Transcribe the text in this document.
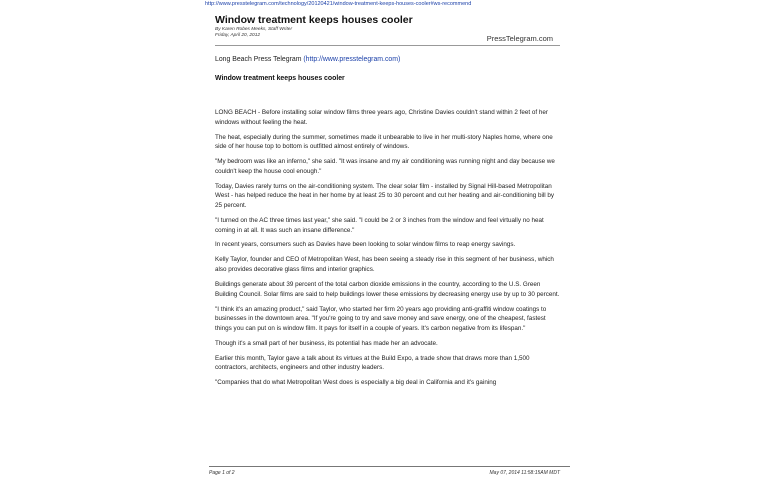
http://www.presstelegram.com/technology/20120421/window-treatment-keeps-houses-cooler#ws-recommend
Window treatment keeps houses cooler
By Karen Robes Meeks, Staff Writer
Friday, April 20, 2012	PressTelegram.com
Long Beach Press Telegram (http://www.presstelegram.com)
Window treatment keeps houses cooler

LONG BEACH - Before installing solar window films three years ago, Christine Davies couldn't stand within 2 feet of her windows without feeling the heat.

The heat, especially during the summer, sometimes made it unbearable to live in her multi-story Naples home, where one side of her house top to bottom is outfitted almost entirely of windows.

"My bedroom was like an inferno," she said. "It was insane and my air conditioning was running night and day because we couldn't keep the house cool enough."

Today, Davies rarely turns on the air-conditioning system. The clear solar film - installed by Signal Hill-based Metropolitan West - has helped reduce the heat in her home by at least 25 to 30 percent and cut her heating and air-conditioning bill by 25 percent.

"I turned on the AC three times last year," she said. "I could be 2 or 3 inches from the window and feel virtually no heat coming in at all. It was such an insane difference."

In recent years, consumers such as Davies have been looking to solar window films to reap energy savings.

Kelly Taylor, founder and CEO of Metropolitan West, has been seeing a steady rise in this segment of her business, which also provides decorative glass films and interior graphics.

Buildings generate about 39 percent of the total carbon dioxide emissions in the country, according to the U.S. Green Building Council. Solar films are said to help buildings lower these emissions by decreasing energy use by up to 30 percent.

"I think it's an amazing product," said Taylor, who started her firm 20 years ago providing anti-graffiti window coatings to businesses in the downtown area. "If you're going to try and save money and save energy, one of the cheapest, fastest things you can put on is window film. It pays for itself in a couple of years. It's carbon negative from its lifespan."

Though it's a small part of her business, its potential has made her an advocate.

Earlier this month, Taylor gave a talk about its virtues at the Build Expo, a trade show that draws more than 1,500 contractors, architects, engineers and other industry leaders.

"Companies that do what Metropolitan West does is especially a big deal in California and it's gaining

Page 1 of 2	May 07, 2014 11:58:15AM MDT
